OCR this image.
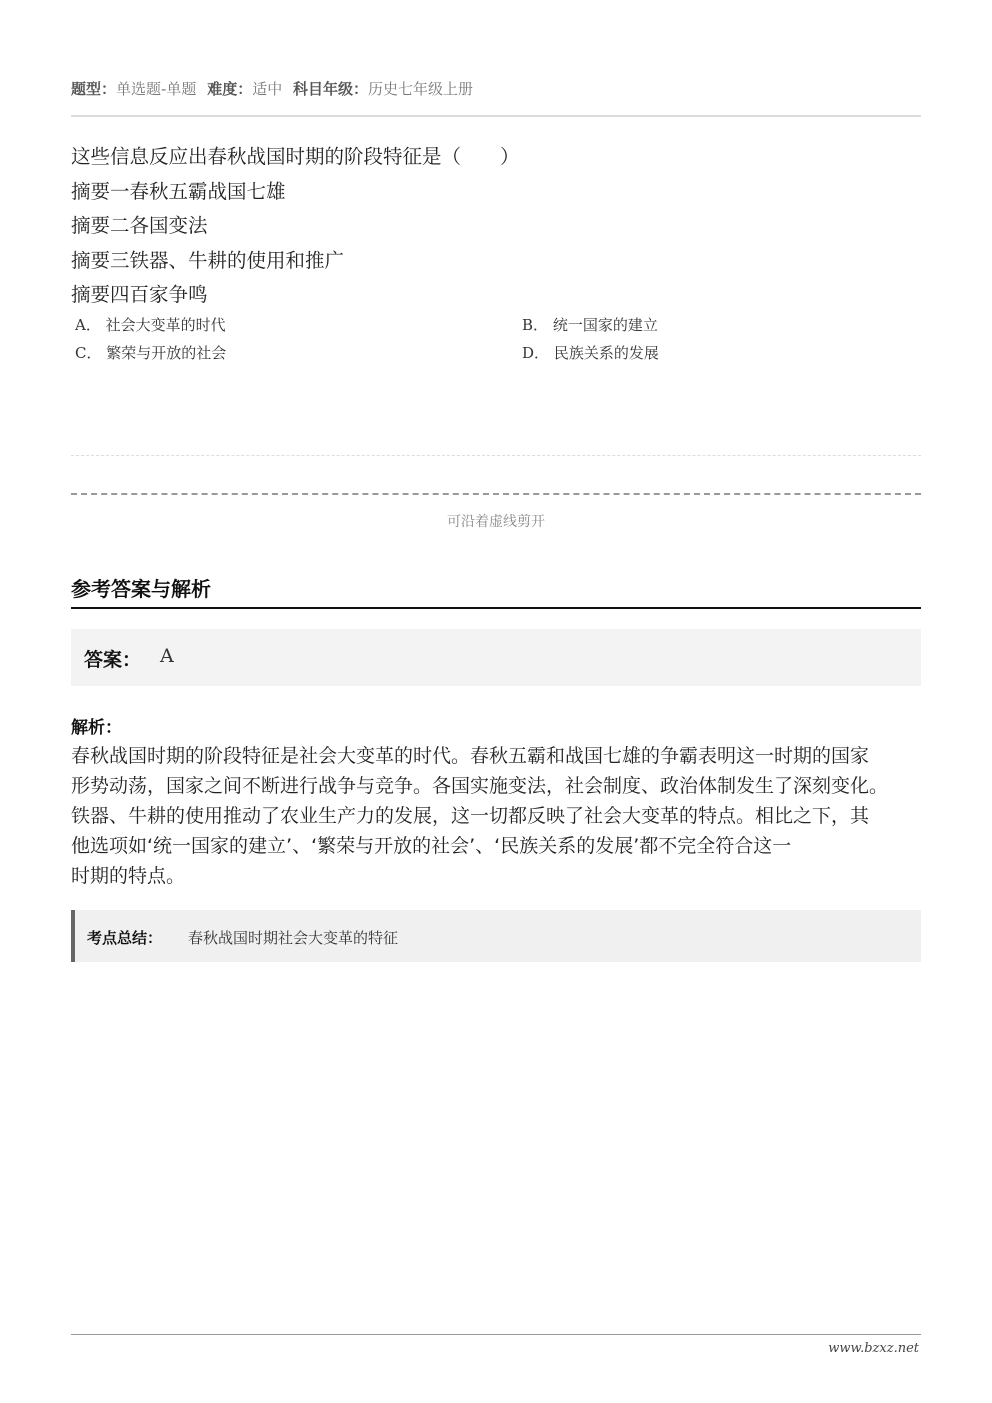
题型：单选题-单题 难度：适中 科目年级：历史七年级上册
这些信息反应出春秋战国时期的阶段特征是（　　）
摘要一春秋五霸战国七雄
摘要二各国变法
摘要三铁器、牛耕的使用和推广
摘要四百家争鸣
A． 社会大变革的时代	B． 统一国家的建立
C． 繁荣与开放的社会	D． 民族关系的发展
可沿着虚线剪开
参考答案与解析
答案： A
解析：
春秋战国时期的阶段特征是社会大变革的时代。春秋五霸和战国七雄的争霸表明这一时期的国家
形势动荡，国家之间不断进行战争与竞争。各国实施变法，社会制度、政治体制发生了深刻变化。
铁器、牛耕的使用推动了农业生产力的发展，这一切都反映了社会大变革的特点。相比之下，其
他选项如‘统一国家的建立’、‘繁荣与开放的社会’、‘民族关系的发展’都不完全符合这一
时期的特点。
考点总结： 春秋战国时期社会大变革的特征
www.bzxz.net
